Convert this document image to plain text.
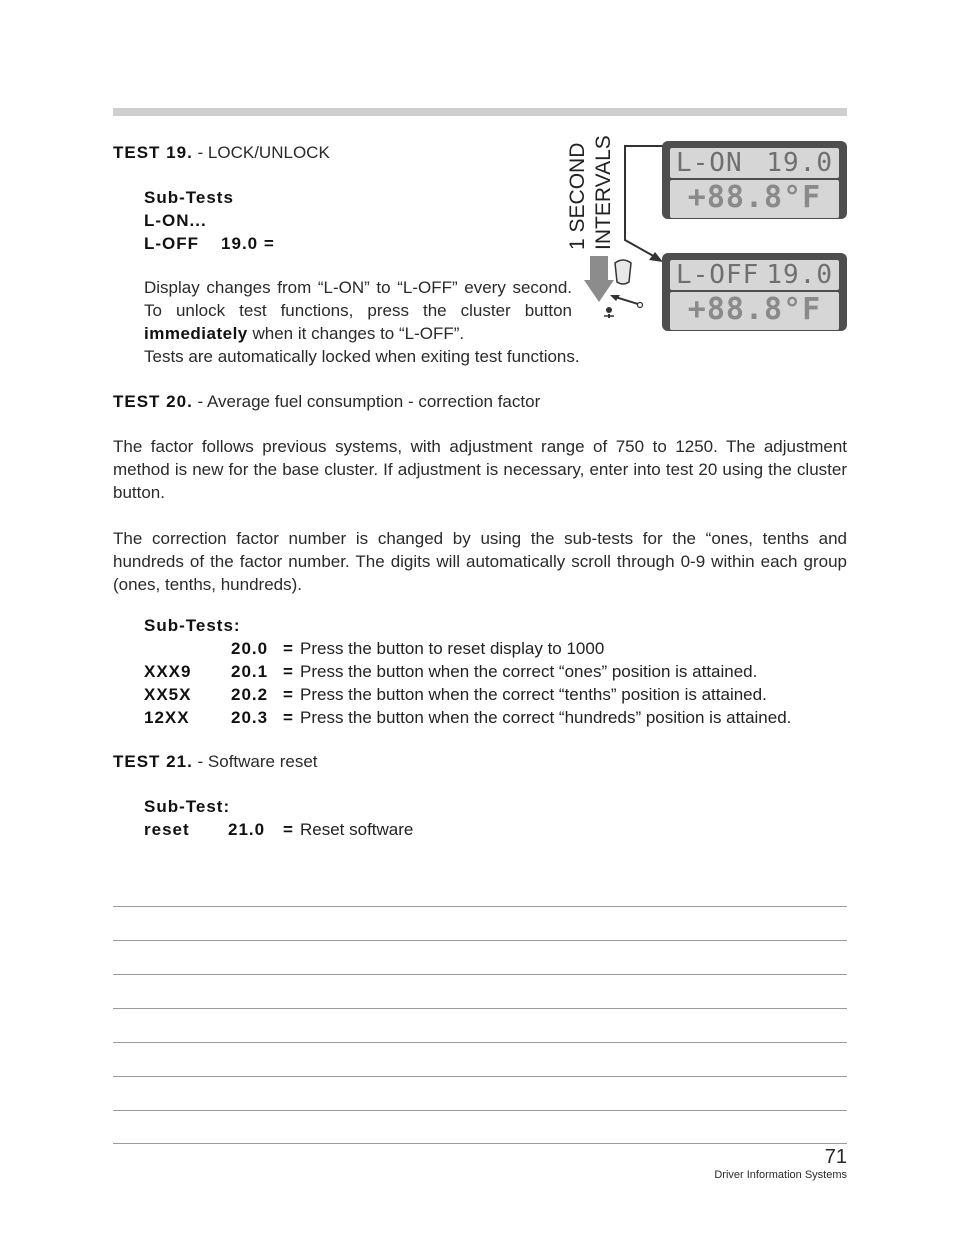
TEST 19. - LOCK/UNLOCK
Sub-Tests
L-ON...
L-OFF 19.0 =
Display changes from “L-ON” to “L-OFF” every second. To unlock test functions, press the cluster button immediately when it changes to “L-OFF”.
Tests are automatically locked when exiting test functions.
1 SECOND INTERVALS L-ON 19.0
+88.8°F
L-OFF 19.0
+88.8°F
TEST 20. - Average fuel consumption - correction factor
The factor follows previous systems, with adjustment range of 750 to 1250. The adjustment method is new for the base cluster. If adjustment is necessary, enter into test 20 using the cluster button.
The correction factor number is changed by using the sub-tests for the “ones, tenths and hundreds of the factor number. The digits will automatically scroll through 0-9 within each group (ones, tenths, hundreds).
Sub-Tests:
20.0 = Press the button to reset display to 1000
XXX9 20.1 = Press the button when the correct “ones” position is attained.
XX5X 20.2 = Press the button when the correct “tenths” position is attained.
12XX 20.3 = Press the button when the correct “hundreds” position is attained.
TEST 21. - Software reset
Sub-Test:
reset 21.0 = Reset software
71
Driver Information Systems
